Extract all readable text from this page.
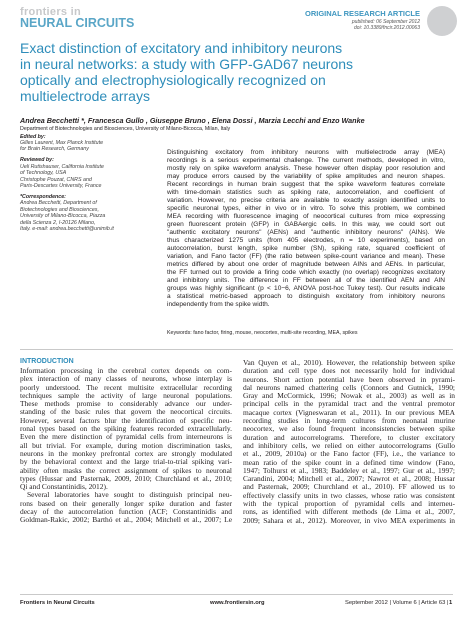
frontiers in
NEURAL CIRCUITS
ORIGINAL RESEARCH ARTICLE
published: 06 September 2012
doi: 10.3389/fncir.2012.00063
Exact distinction of excitatory and inhibitory neurons
in neural networks: a study with GFP-GAD67 neurons
optically and electrophysiologically recognized on
multielectrode arrays
Andrea Becchetti *, Francesca Gullo , Giuseppe Bruno , Elena Dossi , Marzia Lecchi and Enzo Wanke
Department of Biotechnologies and Biosciences, University of Milano-Bicocca, Milan, Italy
Edited by:
Gilles Laurent, Max Planck Institute
for Brain Research, Germany
Reviewed by:
Ueli Rutishauser, California Institute
of Technology, USA
Christophe Pouzat, CNRS and
Paris-Descartes University, France
*Correspondence:
Andrea Becchetti, Department of
Biotechnologies and Biosciences,
University of Milano-Bicocca, Piazza
della Scienza 2, I-20126 Milano,
Italy. e-mail: andrea.becchetti@unimib.it
Distinguishing excitatory from inhibitory neurons with multielectrode array (MEA)
recordings is a serious experimental challenge. The current methods, developed in vitro,
mostly rely on spike waveform analysis. These however often display poor resolution and
may produce errors caused by the variability of spike amplitudes and neuron shapes.
Recent recordings in human brain suggest that the spike waveform features correlate
with time-domain statistics such as spiking rate, autocorrelation, and coefficient of
variation. However, no precise criteria are available to exactly assign identified units to
specific neuronal types, either in vivo or in vitro. To solve this problem, we combined
MEA recording with fluorescence imaging of neocortical cultures from mice expressing
green fluorescent protein (GFP) in GABAergic cells. In this way, we could sort out
"authentic excitatory neurons" (AENs) and "authentic inhibitory neurons" (AINs). We
thus characterized 1275 units (from 405 electrodes, n = 10 experiments), based on
autocorrelation, burst length, spike number (SN), spiking rate, squared coefficient of
variation, and Fano factor (FF) (the ratio between spike-count variance and mean). These
metrics differed by about one order of magnitude between AINs and AENs. In particular,
the FF turned out to provide a firing code which exactly (no overlap) recognizes excitatory
and inhibitory units. The difference in FF between all of the identified AEN and AIN
groups was highly significant (p < 10−6, ANOVA post-hoc Tukey test). Our results indicate
a statistical metric-based approach to distinguish excitatory from inhibitory neurons
independently from the spike width.
Keywords: fano factor, firing, mouse, neocortex, multi-site recording, MEA, spikes
INTRODUCTION
Information processing in the cerebral cortex depends on com-
plex interaction of many classes of neurons, whose interplay is
poorly understood. The recent multisite extracellular recording
techniques sample the activity of large neuronal populations.
These methods promise to considerably advance our under-
standing of the basic rules that govern the neocortical circuits.
However, several factors blur the identification of specific neu-
ronal types based on the spiking features recorded extracellularly.
Even the mere distinction of pyramidal cells from interneurons is
all but trivial. For example, during motion discrimination tasks,
neurons in the monkey prefrontal cortex are strongly modulated
by the behavioral context and the large trial-to-trial spiking vari-
ability often masks the correct assignment of spikes to neuronal
types (Hussar and Pasternak, 2009, 2010; Churchland et al., 2010;
Qi and Constantinidis, 2012).
Several laboratories have sought to distinguish principal neu-
rons based on their generally longer spike duration and faster
decay of the autocorrelation function (ACF; Constantinidis and
Goldman-Rakic, 2002; Barthó et al., 2004; Mitchell et al., 2007; Le
Van Quyen et al., 2010). However, the relationship between spike
duration and cell type does not necessarily hold for individual
neurons. Short action potential have been observed in pyrami-
dal neurons named chattering cells (Connors and Gutnick, 1990;
Gray and McCormick, 1996; Nowak et al., 2003) as well as in
principal cells in the pyramidal tract and the ventral premotor
macaque cortex (Vigneswaran et al., 2011). In our previous MEA
recording studies in long-term cultures from neonatal murine
neocortex, we also found frequent inconsistencies between spike
duration and autocorrelograms. Therefore, to cluster excitatory
and inhibitory cells, we relied on either autocorrelograms (Gullo
et al., 2009, 2010a) or the Fano factor (FF), i.e., the variance to
mean ratio of the spike count in a defined time window (Fano,
1947; Tolhurst et al., 1983; Baddeley et al., 1997; Gur et al., 1997;
Carandini, 2004; Mitchell et al., 2007; Nawrot et al., 2008; Hussar
and Pasternak, 2009; Churchland et al., 2010). FF allowed us to
effectively classify units in two classes, whose ratio was consistent
with the typical proportion of pyramidal cells and interneu-
rons, as identified with different methods (de Lima et al., 2007,
2009; Sahara et al., 2012). Moreover, in vivo MEA experiments in
Frontiers in Neural Circuits	www.frontiersin.org	September 2012 | Volume 6 | Article 63 | 1
